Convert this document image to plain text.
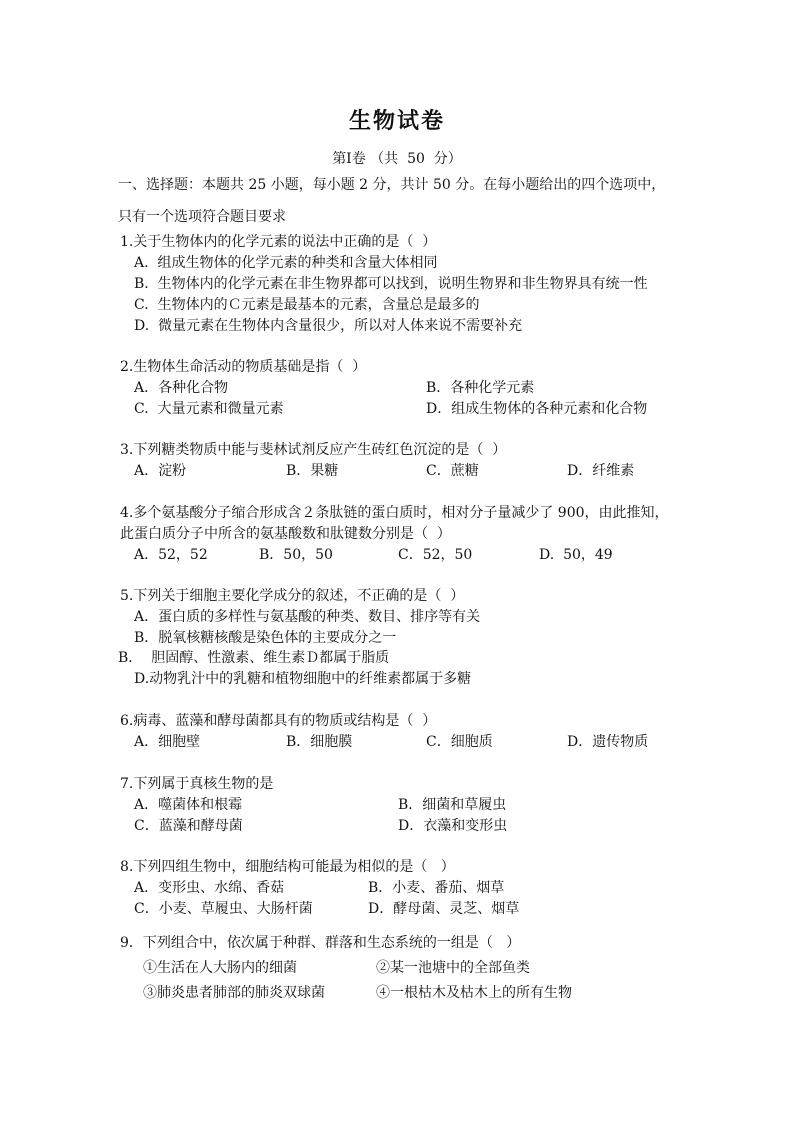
生物试卷
第Ⅰ卷 （共  50  分）
一、选择题：本题共 25 小题，每小题 2 分，共计 50 分。在每小题给出的四个选项中，
只有一个选项符合题目要求
1.关于生物体内的化学元素的说法中正确的是（  ）
A.  组成生物体的化学元素的种类和含量大体相同
B.  生物体内的化学元素在非生物界都可以找到，说明生物界和非生物界具有统一性
C.  生物体内的Ｃ元素是最基本的元素，含量总是最多的
D.  微量元素在生物体内含量很少，所以对人体来说不需要补充
2.生物体生命活动的物质基础是指（  ）
A．各种化合物	B．各种化学元素
C.  大量元素和微量元素	D．组成生物体的各种元素和化合物
3.下列糖类物质中能与斐林试剂反应产生砖红色沉淀的是（  ）
A．淀粉	B．果糖	C．蔗糖	D．纤维素
4.多个氨基酸分子缩合形成含２条肽链的蛋白质时，相对分子量减少了 900，由此推知，
此蛋白质分子中所含的氨基酸数和肽键数分别是（  ）
A．52，52	B．50，50	C．52，50	D.  50，49
5.下列关于细胞主要化学成分的叙述，不正确的是（  ）
A．蛋白质的多样性与氨基酸的种类、数目、排序等有关
B．脱氧核糖核酸是染色体的主要成分之一
B．  胆固醇、性激素、维生素Ｄ都属于脂质
D.动物乳汁中的乳糖和植物细胞中的纤维素都属于多糖
6.病毒、蓝藻和酵母菌都具有的物质或结构是（  ）
A．细胞壁	B．细胞膜	C．细胞质	D．遗传物质
7.下列属于真核生物的是
A．噬菌体和根霉	B．细菌和草履虫
C．蓝藻和酵母菌	D．衣藻和变形虫
8.下列四组生物中，细胞结构可能最为相似的是（   ）
A．变形虫、水绵、香菇	B．小麦、番茄、烟草
C．小麦、草履虫、大肠杆菌	D．酵母菌、灵芝、烟草
9．下列组合中，依次属于种群、群落和生态系统的一组是（   ）
①生活在人大肠内的细菌	②某一池塘中的全部鱼类
③肺炎患者肺部的肺炎双球菌	④一根枯木及枯木上的所有生物
